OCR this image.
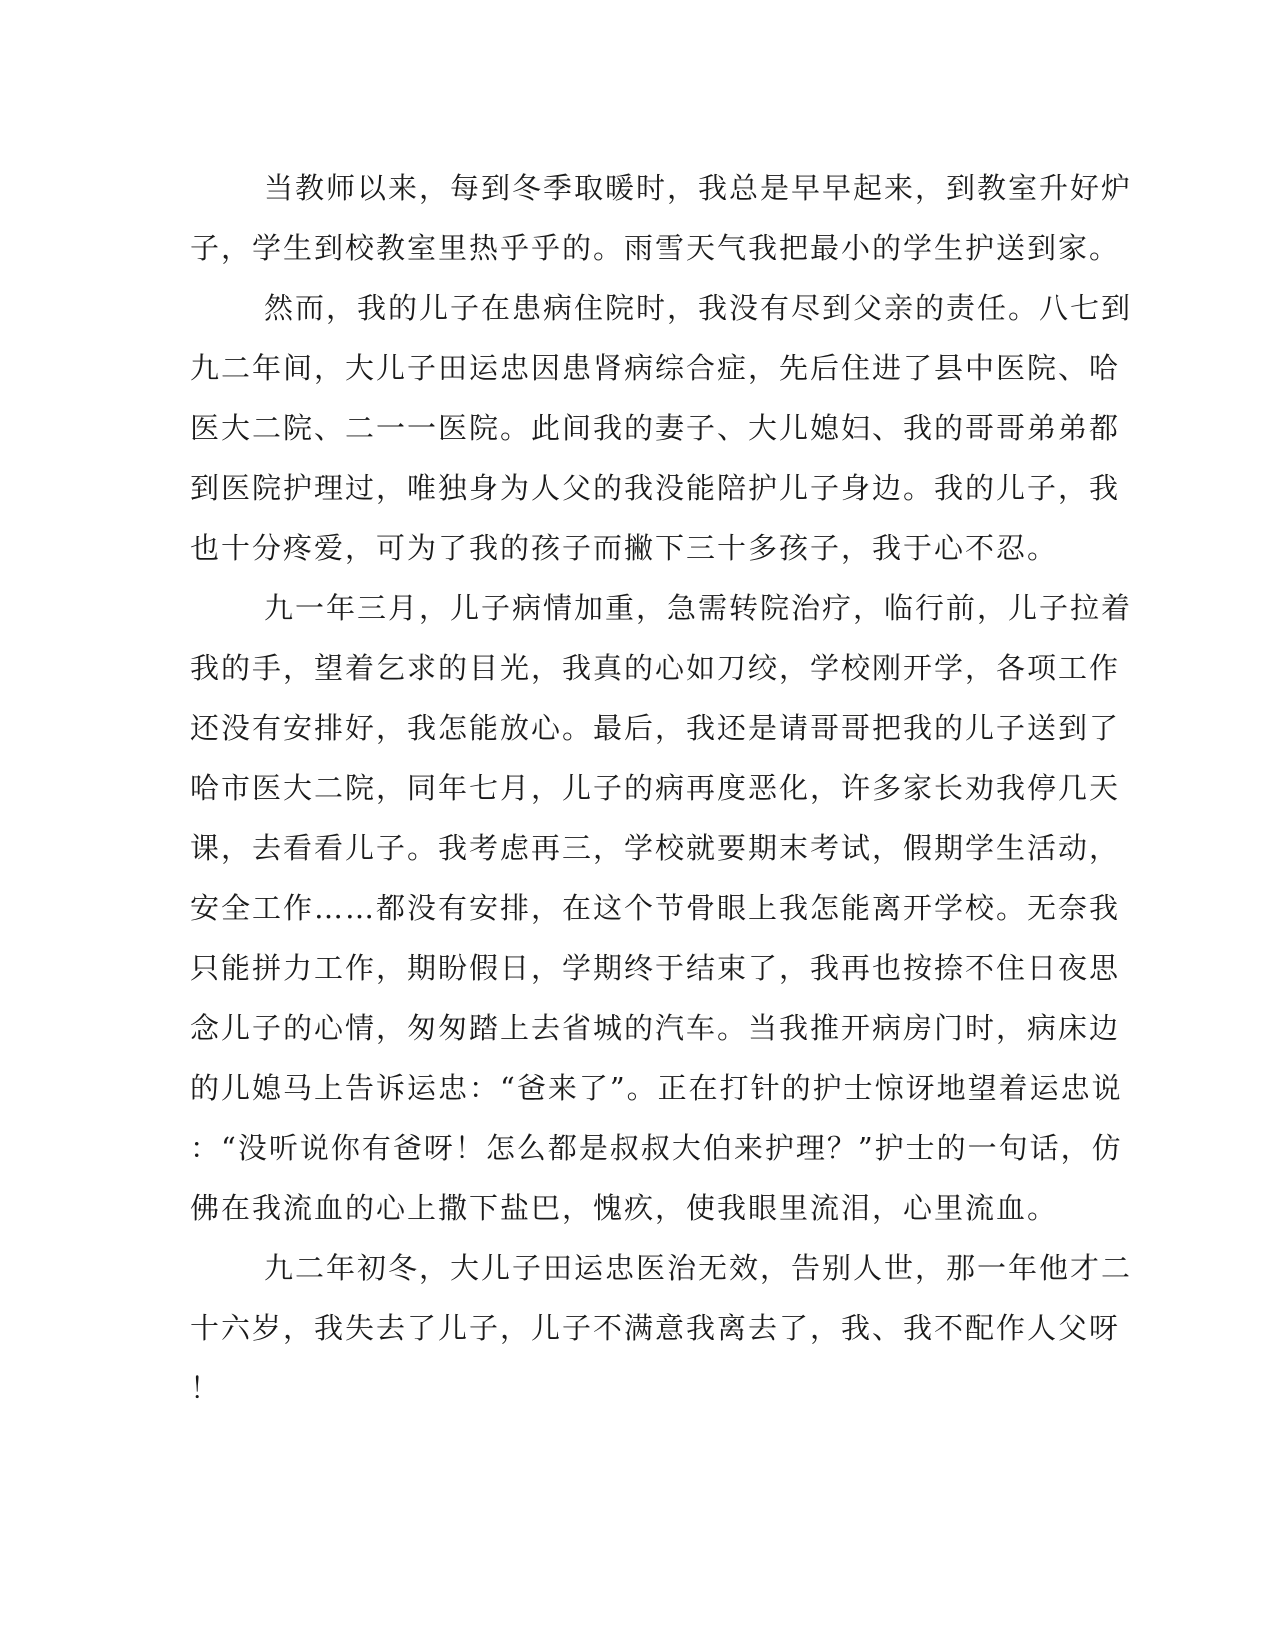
当教师以来，每到冬季取暖时，我总是早早起来，到教室升好炉
子，学生到校教室里热乎乎的。雨雪天气我把最小的学生护送到家。
然而，我的儿子在患病住院时，我没有尽到父亲的责任。八七到
九二年间，大儿子田运忠因患肾病综合症，先后住进了县中医院、哈
医大二院、二一一医院。此间我的妻子、大儿媳妇、我的哥哥弟弟都
到医院护理过，唯独身为人父的我没能陪护儿子身边。我的儿子，我
也十分疼爱，可为了我的孩子而撇下三十多孩子，我于心不忍。
九一年三月，儿子病情加重，急需转院治疗，临行前，儿子拉着
我的手，望着乞求的目光，我真的心如刀绞，学校刚开学，各项工作
还没有安排好，我怎能放心。最后，我还是请哥哥把我的儿子送到了
哈市医大二院，同年七月，儿子的病再度恶化，许多家长劝我停几天
课，去看看儿子。我考虑再三，学校就要期末考试，假期学生活动，
安全工作……都没有安排，在这个节骨眼上我怎能离开学校。无奈我
只能拼力工作，期盼假日，学期终于结束了，我再也按捺不住日夜思
念儿子的心情，匆匆踏上去省城的汽车。当我推开病房门时，病床边
的儿媳马上告诉运忠：“爸来了”。正在打针的护士惊讶地望着运忠说
：“没听说你有爸呀！怎么都是叔叔大伯来护理？”护士的一句话，仿
佛在我流血的心上撒下盐巴，愧疚，使我眼里流泪，心里流血。
九二年初冬，大儿子田运忠医治无效，告别人世，那一年他才二
十六岁，我失去了儿子，儿子不满意我离去了，我、我不配作人父呀
！
